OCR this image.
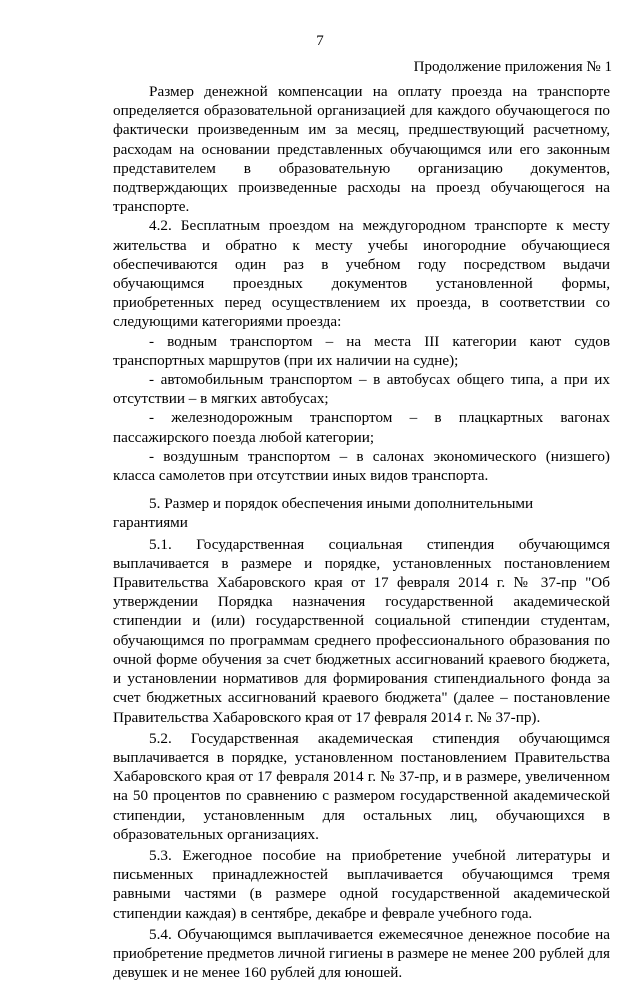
7
Продолжение приложения № 1

Размер денежной компенсации на оплату проезда на транспорте определяется образовательной организацией для каждого обучающегося по фактически произведенным им за месяц, предшествующий расчетному, расходам на основании представленных обучающимся или его законным представителем в образовательную организацию документов, подтверждающих произведенные расходы на проезд обучающегося на транспорте.

4.2. Бесплатным проездом на междугородном транспорте к месту жительства и обратно к месту учебы иногородние обучающиеся обеспечиваются один раз в учебном году посредством выдачи обучающимся проездных документов установленной формы, приобретенных перед осуществлением их проезда, в соответствии со следующими категориями проезда:

- водным транспортом – на места III категории кают судов транспортных маршрутов (при их наличии на судне);

- автомобильным транспортом – в автобусах общего типа, а при их отсутствии – в мягких автобусах;

- железнодорожным транспортом – в плацкартных вагонах пассажирского поезда любой категории;

- воздушным транспортом – в салонах экономического (низшего) класса самолетов при отсутствии иных видов транспорта.

5. Размер и порядок обеспечения иными дополнительными гарантиями

5.1. Государственная социальная стипендия обучающимся выплачивается в размере и порядке, установленных постановлением Правительства Хабаровского края от 17 февраля 2014 г. № 37-пр "Об утверждении Порядка назначения государственной академической стипендии и (или) государственной социальной стипендии студентам, обучающимся по программам среднего профессионального образования по очной форме обучения за счет бюджетных ассигнований краевого бюджета, и установлении нормативов для формирования стипендиального фонда за счет бюджетных ассигнований краевого бюджета" (далее – постановление Правительства Хабаровского края от 17 февраля 2014 г. № 37-пр).

5.2. Государственная академическая стипендия обучающимся выплачивается в порядке, установленном постановлением Правительства Хабаровского края от 17 февраля 2014 г. № 37-пр, и в размере, увеличенном на 50 процентов по сравнению с размером государственной академической стипендии, установленным для остальных лиц, обучающихся в образовательных организациях.

5.3. Ежегодное пособие на приобретение учебной литературы и письменных принадлежностей выплачивается обучающимся тремя равными частями (в размере одной государственной академической стипендии каждая) в сентябре, декабре и феврале учебного года.

5.4. Обучающимся выплачивается ежемесячное денежное пособие на приобретение предметов личной гигиены в размере не менее 200 рублей для девушек и не менее 160 рублей для юношей.
